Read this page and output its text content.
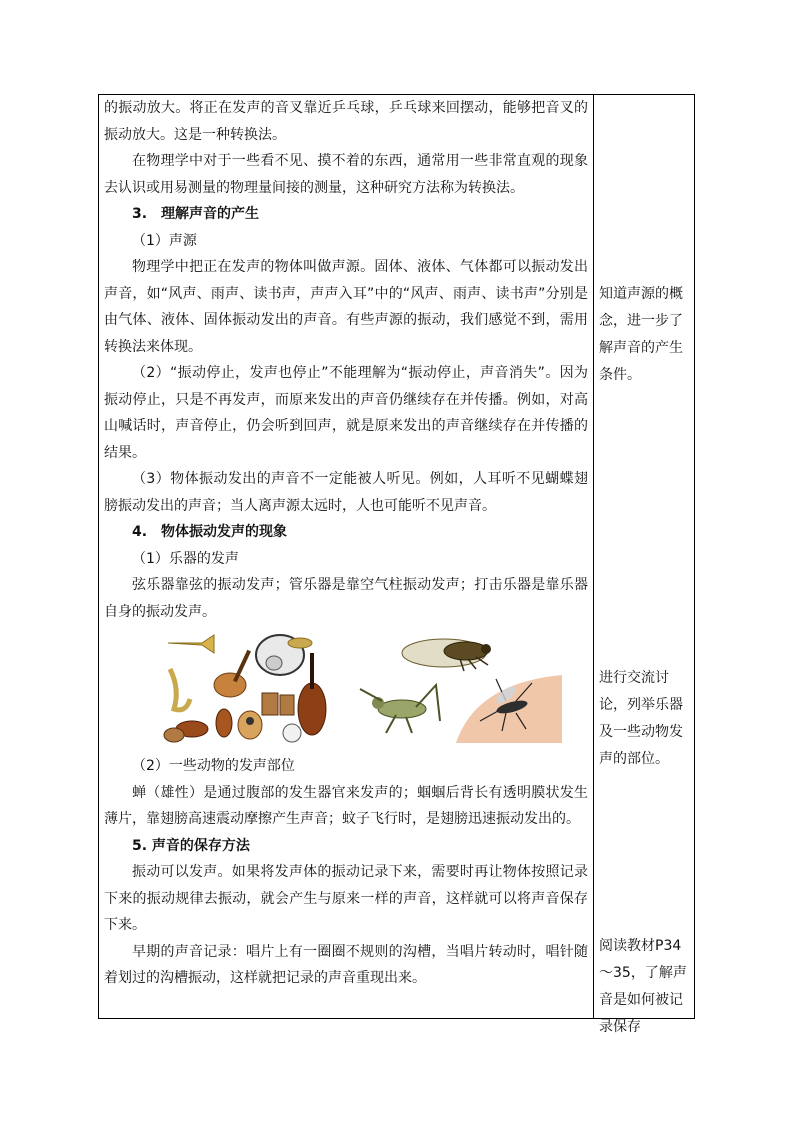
的振动放大。将正在发声的音叉靠近乒乓球，乒乓球来回摆动，能够把音叉的振动放大。这是一种转换法。

在物理学中对于一些看不见、摸不着的东西，通常用一些非常直观的现象去认识或用易测量的物理量间接的测量，这种研究方法称为转换法。

3.　理解声音的产生

（1）声源

物理学中把正在发声的物体叫做声源。固体、液体、气体都可以振动发出声音，如“风声、雨声、读书声，声声入耳”中的“风声、雨声、读书声”分别是由气体、液体、固体振动发出的声音。有些声源的振动，我们感觉不到，需用转换法来体现。

（2）“振动停止，发声也停止”不能理解为“振动停止，声音消失”。因为振动停止，只是不再发声，而原来发出的声音仍继续存在并传播。例如，对高山喊话时，声音停止，仍会听到回声，就是原来发出的声音继续存在并传播的结果。

（3）物体振动发出的声音不一定能被人听见。例如，人耳听不见蝴蝶翅膀振动发出的声音；当人离声源太远时，人也可能听不见声音。

4.　物体振动发声的现象

（1）乐器的发声

弦乐器靠弦的振动发声；管乐器是靠空气柱振动发声；打击乐器是靠乐器自身的振动发声。

（2）一些动物的发声部位

蝉（雄性）是通过腹部的发生器官来发声的；蝈蝈后背长有透明膜状发生薄片，靠翅膀高速震动摩擦产生声音；蚊子飞行时，是翅膀迅速振动发出的。

5. 声音的保存方法

振动可以发声。如果将发声体的振动记录下来，需要时再让物体按照记录下来的振动规律去振动，就会产生与原来一样的声音，这样就可以将声音保存下来。

早期的声音记录：唱片上有一圈圈不规则的沟槽，当唱片转动时，唱针随着划过的沟槽振动，这样就把记录的声音重现出来。

知道声源的概念，进一步了解声音的产生条件。

进行交流讨论，列举乐器及一些动物发声的部位。

阅读教材P34～35，了解声音是如何被记录保存
